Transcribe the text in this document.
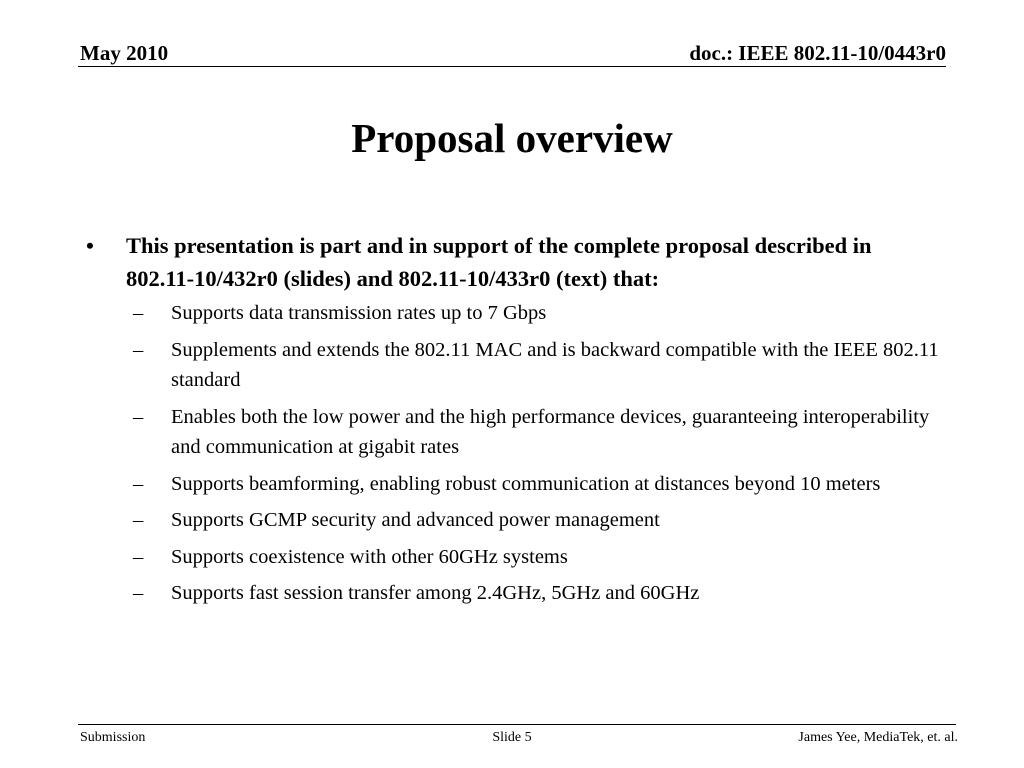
May 2010	doc.: IEEE 802.11-10/0443r0
Proposal overview
•	This presentation is part and in support of the complete proposal described in 802.11-10/432r0 (slides) and 802.11-10/433r0 (text) that:
–	Supports data transmission rates up to 7 Gbps
–	Supplements and extends the 802.11 MAC and is backward compatible with the IEEE 802.11 standard
–	Enables both the low power and the high performance devices, guaranteeing interoperability and communication at gigabit rates
–	Supports beamforming, enabling robust communication at distances beyond 10 meters
–	Supports GCMP security and advanced power management
–	Supports coexistence with other 60GHz systems
–	Supports fast session transfer among 2.4GHz, 5GHz and 60GHz
Submission	Slide 5	James Yee, MediaTek, et. al.
